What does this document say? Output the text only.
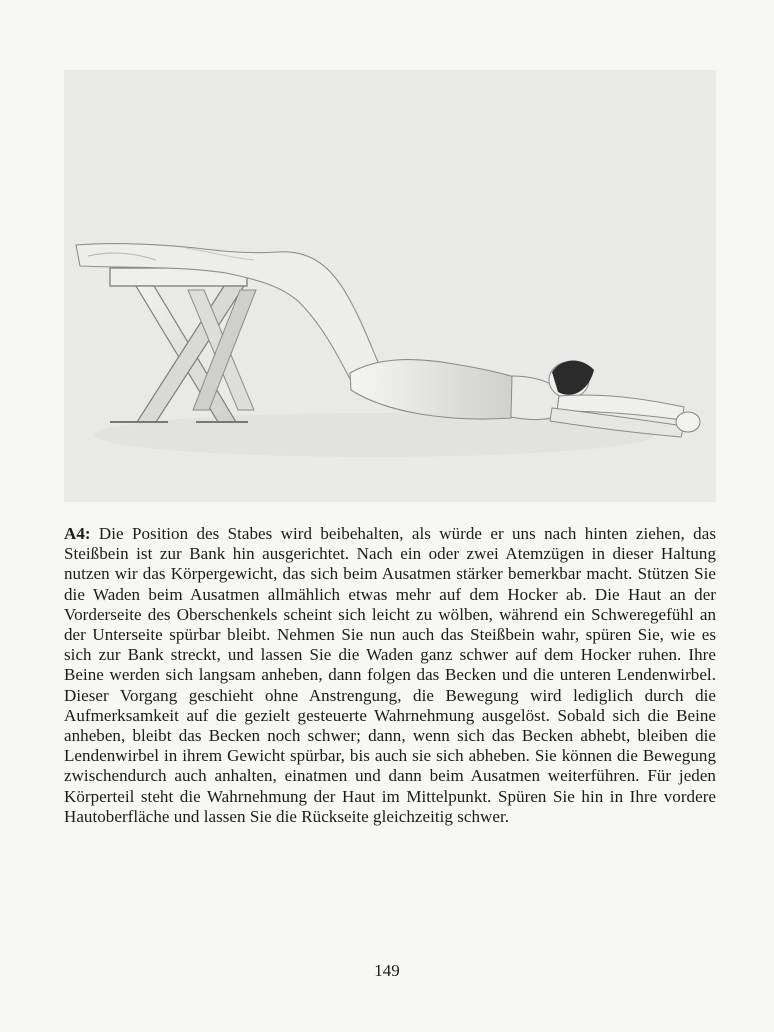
A4: Die Position des Stabes wird beibehalten, als würde er uns nach hinten ziehen, das Steißbein ist zur Bank hin ausgerichtet. Nach ein oder zwei Atemzügen in dieser Haltung nutzen wir das Körpergewicht, das sich beim Ausatmen stärker bemerkbar macht. Stützen Sie die Waden beim Ausatmen allmählich etwas mehr auf dem Hocker ab. Die Haut an der Vorderseite des Oberschenkels scheint sich leicht zu wölben, während ein Schweregefühl an der Unterseite spürbar bleibt. Nehmen Sie nun auch das Steißbein wahr, spüren Sie, wie es sich zur Bank streckt, und lassen Sie die Waden ganz schwer auf dem Hocker ruhen. Ihre Beine werden sich langsam anheben, dann folgen das Becken und die unteren Lendenwirbel. Dieser Vorgang geschieht ohne Anstrengung, die Bewegung wird lediglich durch die Aufmerksamkeit auf die gezielt gesteuerte Wahrnehmung ausgelöst. Sobald sich die Beine anheben, bleibt das Becken noch schwer; dann, wenn sich das Becken abhebt, bleiben die Lendenwirbel in ihrem Gewicht spürbar, bis auch sie sich abheben. Sie können die Bewegung zwischendurch auch anhalten, einatmen und dann beim Ausatmen weiterführen. Für jeden Körperteil steht die Wahrnehmung der Haut im Mittelpunkt. Spüren Sie hin in Ihre vordere Hautoberfläche und lassen Sie die Rückseite gleichzeitig schwer.
149
